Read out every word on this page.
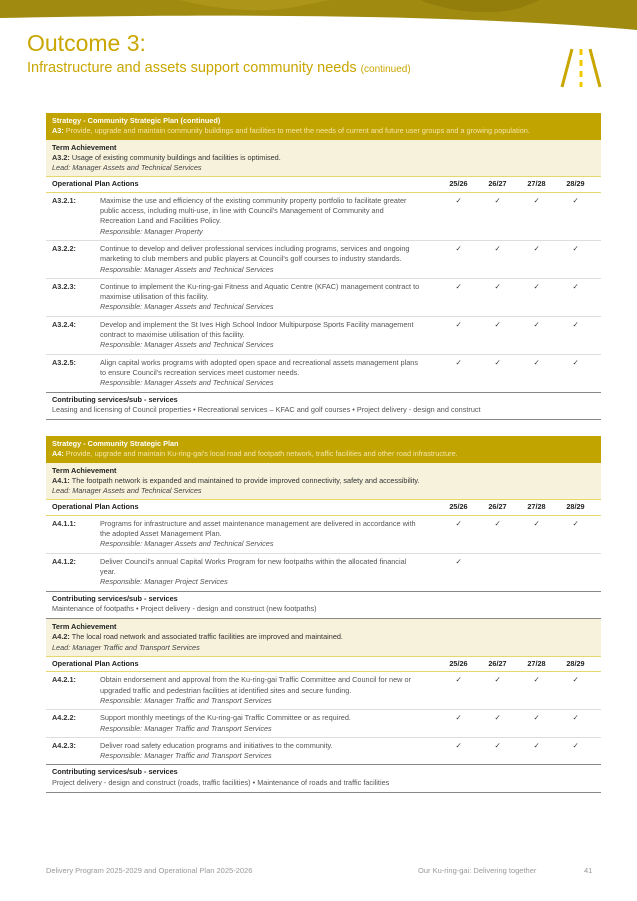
Outcome 3:
Infrastructure and assets support community needs (continued)
Strategy - Community Strategic Plan (continued)
A3: Provide, upgrade and maintain community buildings and facilities to meet the needs of current and future user groups and a growing population.
Term Achievement
A3.2: Usage of existing community buildings and facilities is optimised.
Lead: Manager Assets and Technical Services
Operational Plan Actions	25/26	26/27	27/28	28/29
A3.2.1:	Maximise the use and efficiency of the existing community property portfolio to facilitate greater public access, including multi-use, in line with Council's Management of Community and Recreation Land and Facilities Policy.
Responsible: Manager Property
✓	✓	✓	✓
A3.2.2:	Continue to develop and deliver professional services including programs, services and ongoing marketing to club members and public players at Council's golf courses to industry standards.
Responsible: Manager Assets and Technical Services
✓	✓	✓	✓
A3.2.3:	Continue to implement the Ku-ring-gai Fitness and Aquatic Centre (KFAC) management contract to maximise utilisation of this facility.
Responsible: Manager Assets and Technical Services
✓	✓	✓	✓
A3.2.4:	Develop and implement the St Ives High School Indoor Multipurpose Sports Facility management contract to maximise utilisation of this facility.
Responsible: Manager Assets and Technical Services
✓	✓	✓	✓
A3.2.5:	Align capital works programs with adopted open space and recreational assets management plans to ensure Council's recreation services meet customer needs.
Responsible: Manager Assets and Technical Services
✓	✓	✓	✓
Contributing services/sub - services
Leasing and licensing of Council properties • Recreational services – KFAC and golf courses • Project delivery - design and construct
Strategy - Community Strategic Plan
A4: Provide, upgrade and maintain Ku-ring-gai's local road and footpath network, traffic facilities and other road infrastructure.
Term Achievement
A4.1: The footpath network is expanded and maintained to provide improved connectivity, safety and accessibility.
Lead: Manager Assets and Technical Services
Operational Plan Actions	25/26	26/27	27/28	28/29
A4.1.1:	Programs for infrastructure and asset maintenance management are delivered in accordance with the adopted Asset Management Plan.
Responsible: Manager Assets and Technical Services
✓	✓	✓	✓
A4.1.2:	Deliver Council's annual Capital Works Program for new footpaths within the allocated financial year.
Responsible: Manager Project Services
✓
Contributing services/sub - services
Maintenance of footpaths • Project delivery - design and construct (new footpaths)
Term Achievement
A4.2: The local road network and associated traffic facilities are improved and maintained.
Lead: Manager Traffic and Transport Services
Operational Plan Actions	25/26	26/27	27/28	28/29
A4.2.1:	Obtain endorsement and approval from the Ku-ring-gai Traffic Committee and Council for new or upgraded traffic and pedestrian facilities at identified sites and secure funding.
Responsible: Manager Traffic and Transport Services
✓	✓	✓	✓
A4.2.2:	Support monthly meetings of the Ku-ring-gai Traffic Committee or as required.
Responsible: Manager Traffic and Transport Services
✓	✓	✓	✓
A4.2.3:	Deliver road safety education programs and initiatives to the community.
Responsible: Manager Traffic and Transport Services
✓	✓	✓	✓
Contributing services/sub - services
Project delivery - design and construct (roads, traffic facilities) • Maintenance of roads and traffic facilities
Delivery Program 2025-2029 and Operational Plan 2025-2026	Our Ku-ring-gai: Delivering together	41
